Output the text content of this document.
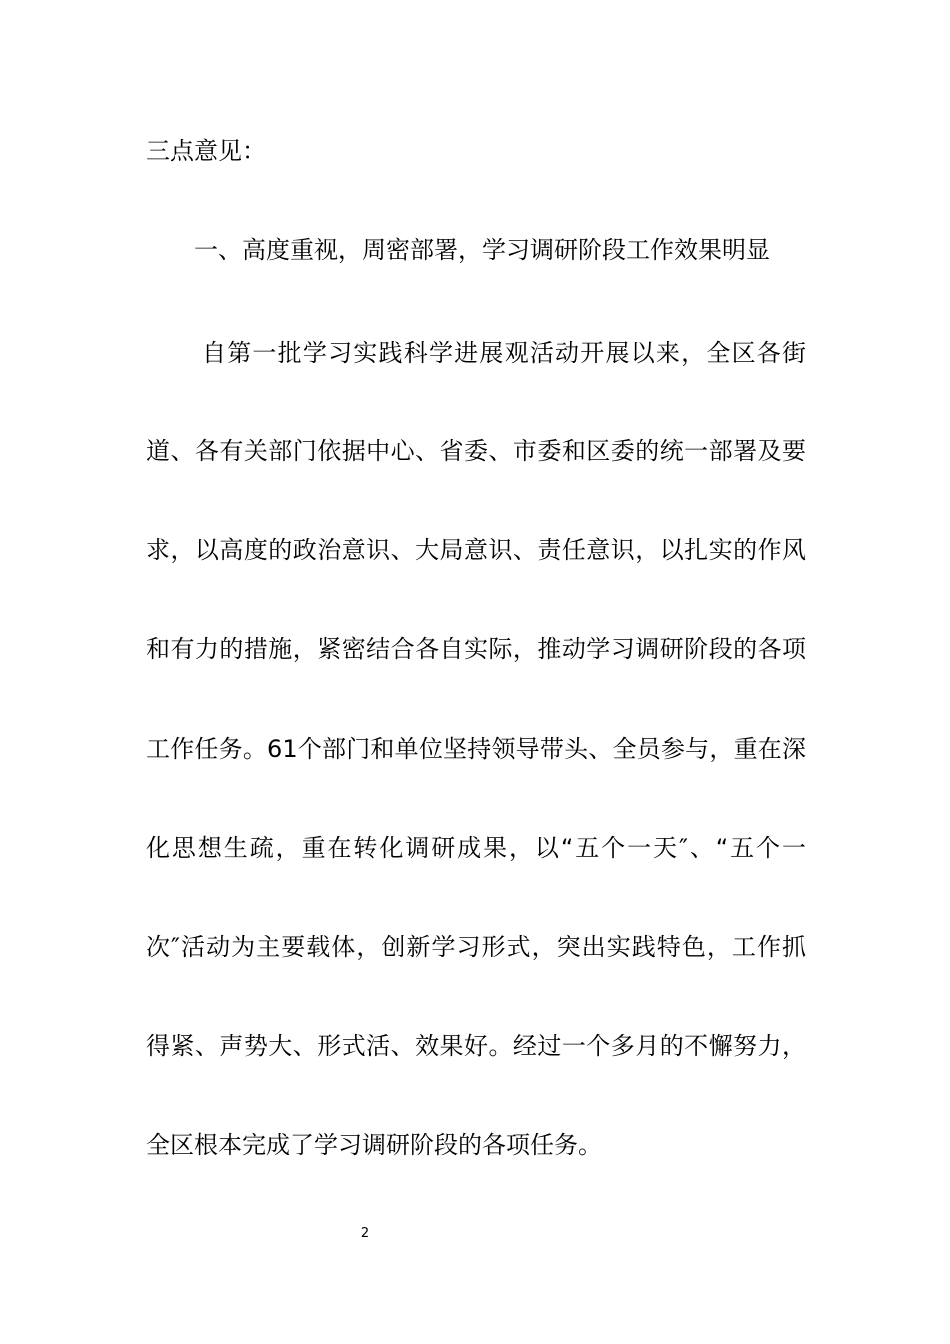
三点意见：
一、高度重视，周密部署，学习调研阶段工作效果明显
自第一批学习实践科学进展观活动开展以来，全区各街
道、各有关部门依据中心、省委、市委和区委的统一部署及要
求，以高度的政治意识、大局意识、责任意识，以扎实的作风
和有力的措施，紧密结合各自实际，推动学习调研阶段的各项
工作任务。61个部门和单位坚持领导带头、全员参与，重在深
化思想生疏，重在转化调研成果，以“五个一天″、“五个一
次″活动为主要载体，创新学习形式，突出实践特色，工作抓
得紧、声势大、形式活、效果好。经过一个多月的不懈努力，
全区根本完成了学习调研阶段的各项任务。
2
